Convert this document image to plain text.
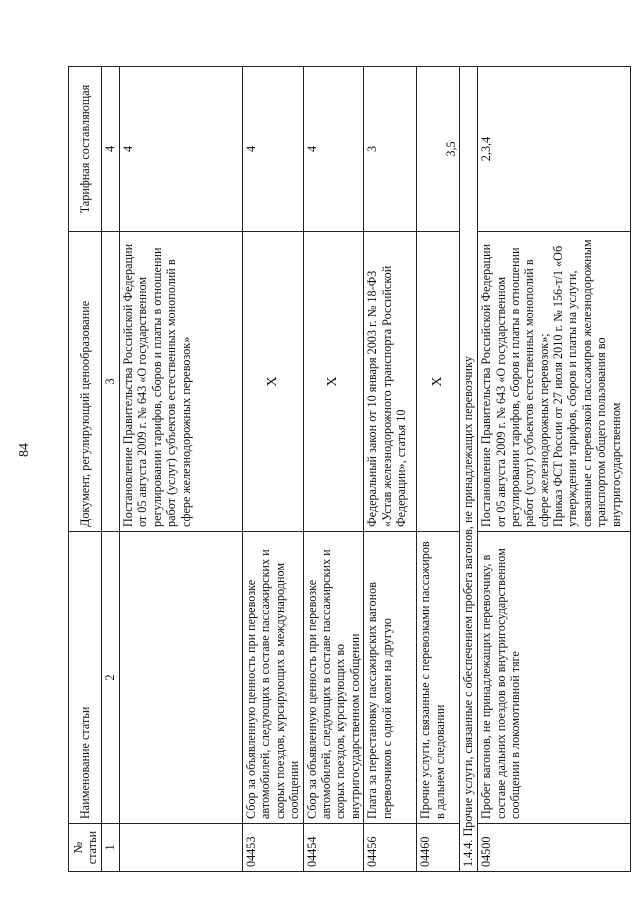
84
№ статьи	Наименование статьи	Документ, регулирующий ценообразование	Тарифная составляющая
1	2	3	4
		Постановление Правительства Российской Федерации от 05 августа 2009 г. № 643 «О государственном регулировании тарифов, сборов и платы в отношении работ (услуг) субъектов естественных монополий в сфере железнодорожных перевозок»	4
04453	Сбор за объявленную ценность при перевозке автомобилей, следующих в составе пассажирских и скорых поездов, курсирующих в международном сообщении	X	4
04454	Сбор за объявленную ценность при перевозке автомобилей, следующих в составе пассажирских и скорых поездов, курсирующих во внутригосударственном сообщении	X	4
04456	Плата за перестановку пассажирских вагонов перевозчиков с одной колеи на другую	Федеральный закон от 10 января 2003 г. № 18-ФЗ «Устав железнодорожного транспорта Российской Федерации», статья 10	3
04460	Прочие услуги, связанные с перевозками пассажиров в дальнем следовании	X	3,5
1.4.4. Прочие услуги, связанные с обеспечением пробега вагонов, не принадлежащих перевозчику			
04500	Пробег вагонов, не принадлежащих перевозчику, в составе дальних поездов во внутригосударственном сообщении в локомотивной тяге	Постановление Правительства Российской Федерации от 05 августа 2009 г. № 643 «О государственном регулировании тарифов, сборов и платы в отношении работ (услуг) субъектов естественных монополий в сфере железнодорожных перевозок»; Приказ ФСТ России от 27 июля 2010 г. № 156-т/1 «Об утверждении тарифов, сборов и платы на услуги, связанные с перевозкой пассажиров железнодорожным транспортом общего пользования во внутригосударственном	2,3,4
